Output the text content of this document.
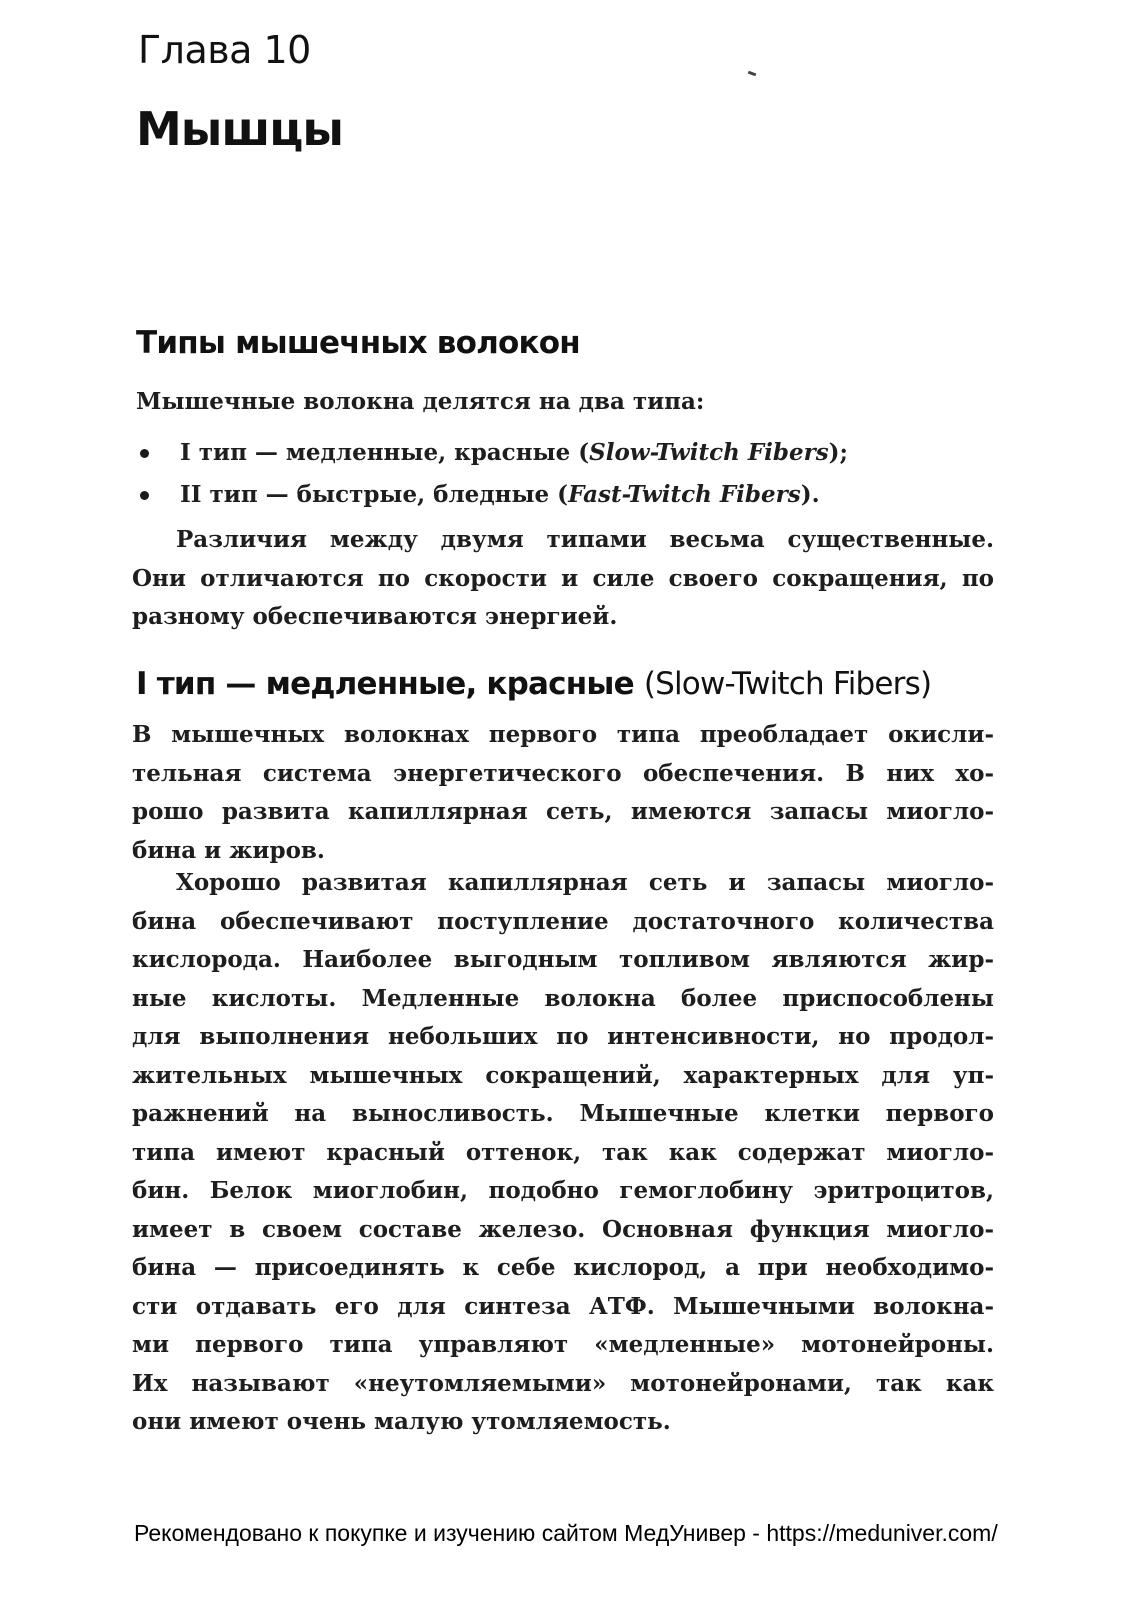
Глава 10
Мышцы
Типы мышечных волокон

Мышечные волокна делятся на два типа:

I тип — медленные, красные (Slow-Twitch Fibers);
II тип — быстрые, бледные (Fast-Twitch Fibers).

Различия между двумя типами весьма существенные.
Они отличаются по скорости и силе своего сокращения, по
разному обеспечиваются энергией.

I тип — медленные, красные (Slow-Twitch Fibers)

В мышечных волокнах первого типа преобладает окисли-
тельная система энергетического обеспечения. В них хо-
рошо развита капиллярная сеть, имеются запасы миогло-
бина и жиров.

Хорошо развитая капиллярная сеть и запасы миогло-
бина обеспечивают поступление достаточного количества
кислорода. Наиболее выгодным топливом являются жир-
ные кислоты. Медленные волокна более приспособлены
для выполнения небольших по интенсивности, но продол-
жительных мышечных сокращений, характерных для уп-
ражнений на выносливость. Мышечные клетки первого
типа имеют красный оттенок, так как содержат миогло-
бин. Белок миоглобин, подобно гемоглобину эритроцитов,
имеет в своем составе железо. Основная функция миогло-
бина — присоединять к себе кислород, а при необходимо-
сти отдавать его для синтеза АТФ. Мышечными волокна-
ми первого типа управляют «медленные» мотонейроны.
Их называют «неутомляемыми» мотонейронами, так как
они имеют очень малую утомляемость.

Рекомендовано к покупке и изучению сайтом МедУнивер - https://meduniver.com/
